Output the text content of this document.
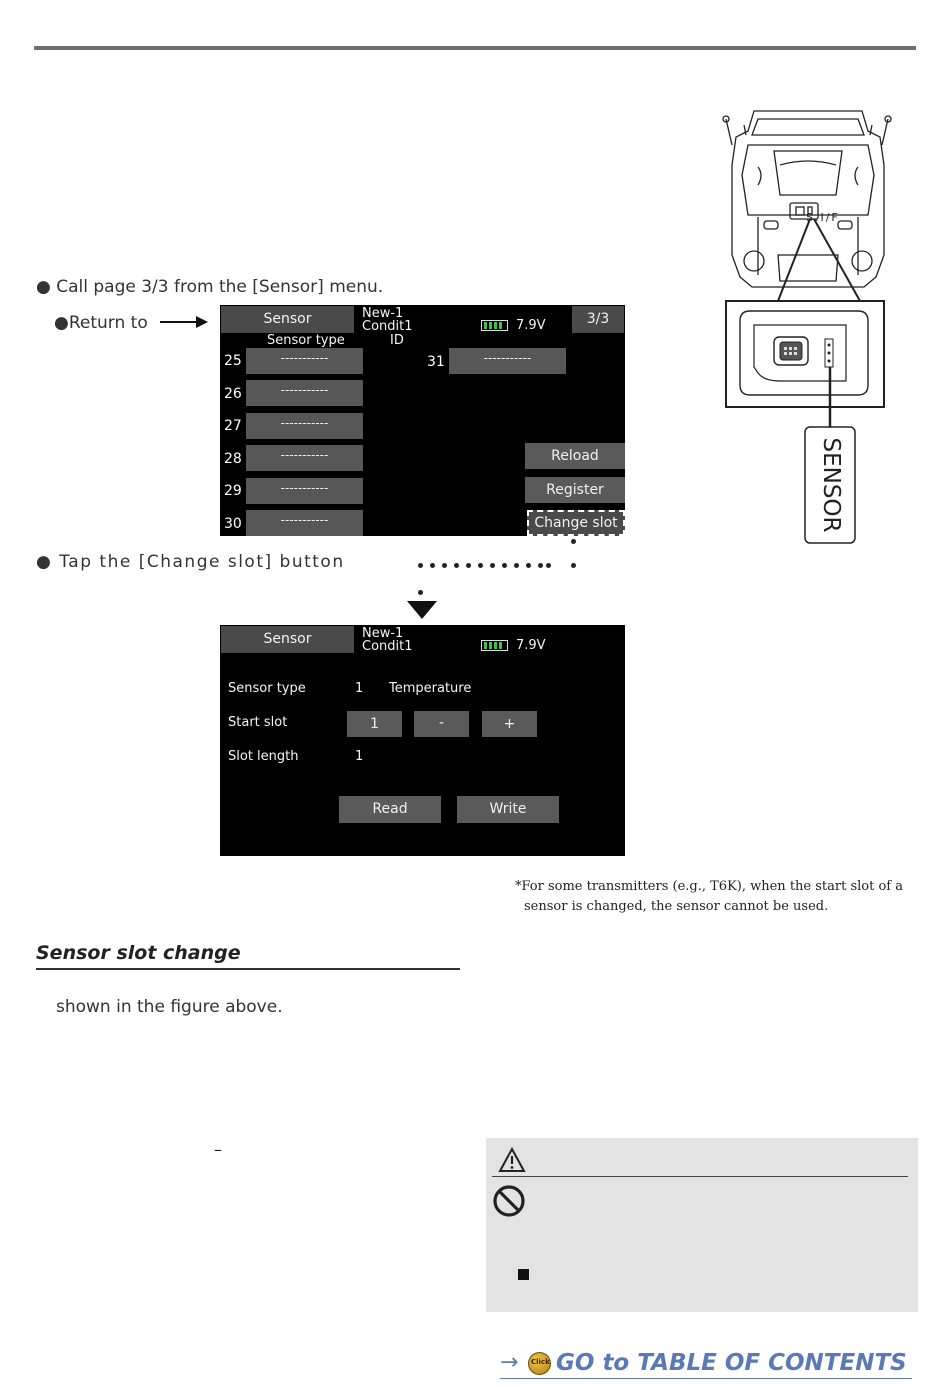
● Call page 3/3 from the [Sensor] menu.
●Return to	Sensor	New-1
Condit1	7.9V	3/3
Sensor type	ID
25	-----------
26	-----------
27	-----------
28	-----------
29	-----------
30	-----------
31	-----------
Reload
Register
Change slot
● Tap the [Change slot] button
Sensor	New-1
Condit1	7.9V
Sensor type	1 Temperature
Start slot	1	-	+
Slot length	1
Read	Write
S.I/F
SENSOR
*For some transmitters (e.g., T6K), when the start slot of a
sensor is changed, the sensor cannot be used.
Sensor slot change
shown in the figure above.
–
→ Click GO to TABLE OF CONTENTS
